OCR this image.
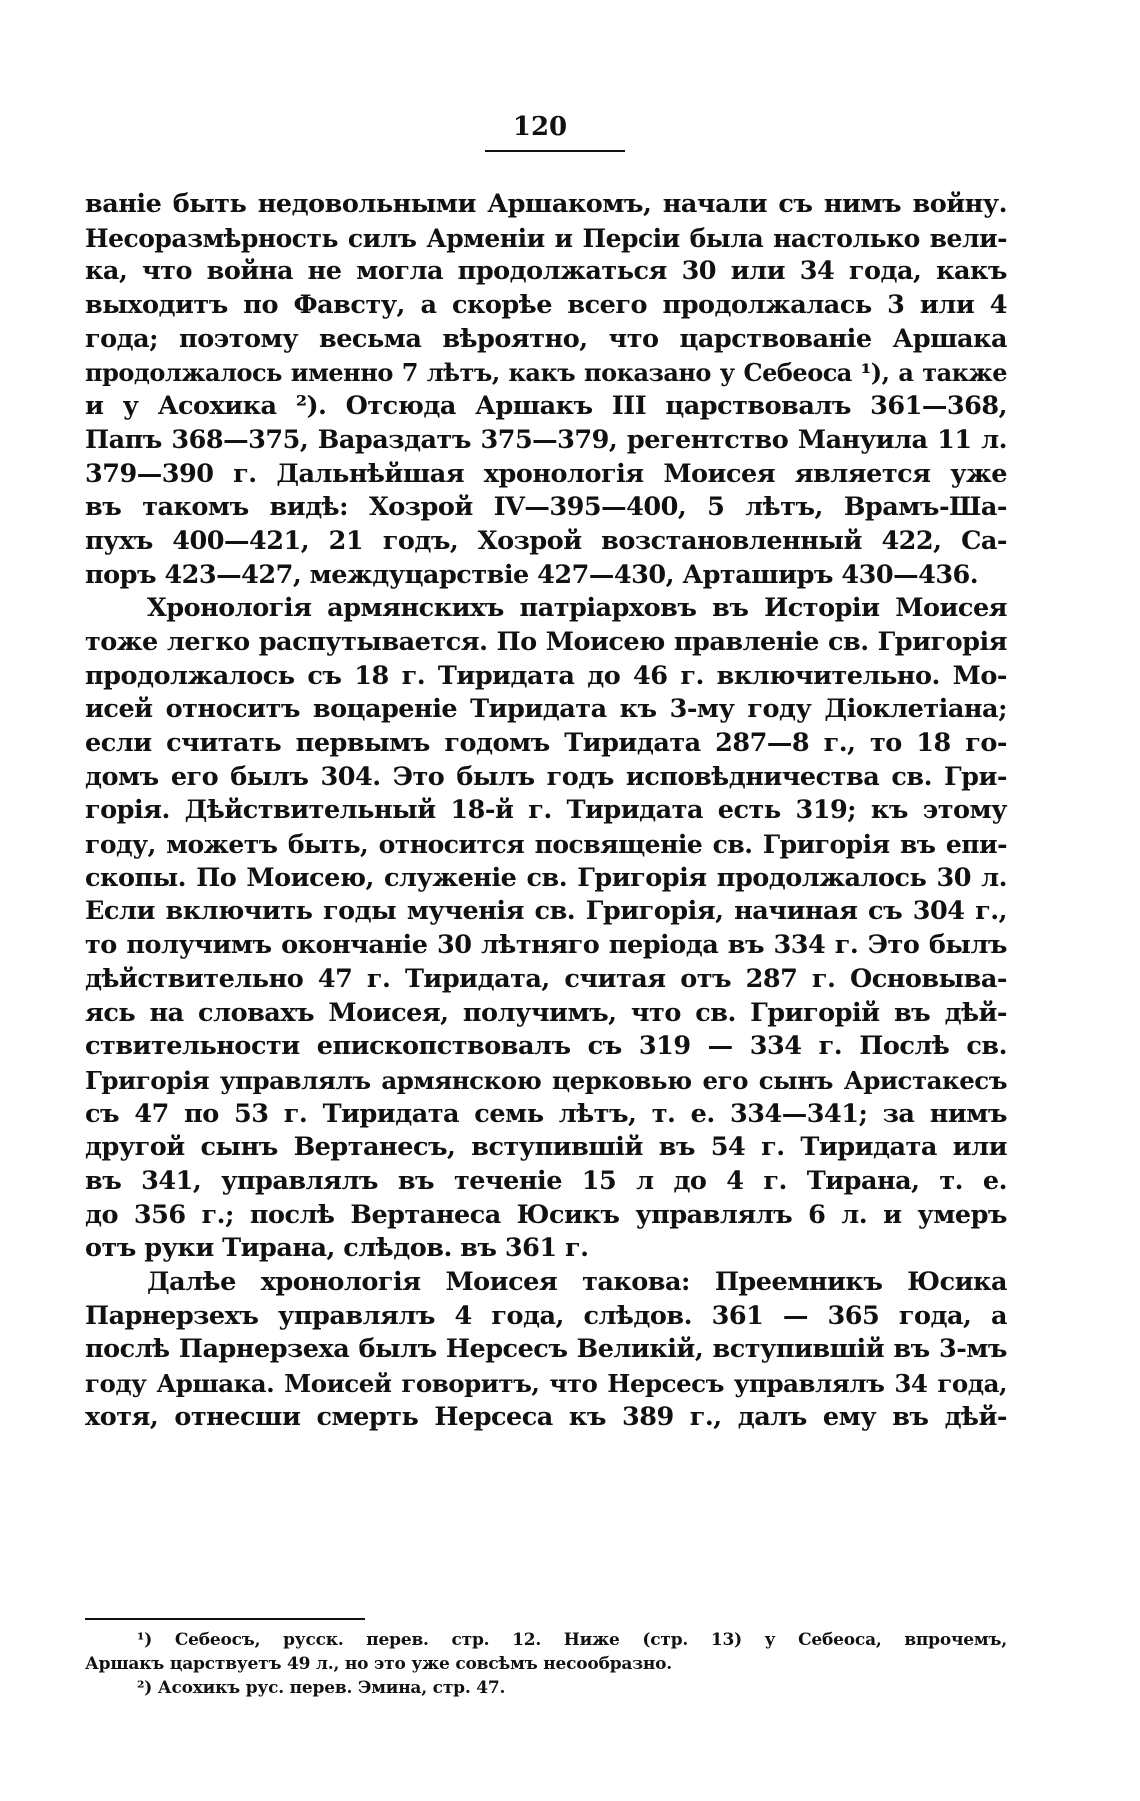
120
ваніе быть недовольными Аршакомъ, начали съ нимъ войну.
Несоразмѣрность силъ Арменіи и Персіи была настолько вели-
ка, что война не могла продолжаться 30 или 34 года, какъ
выходитъ по Фавсту, а скорѣе всего продолжалась 3 или 4
года; поэтому весьма вѣроятно, что царствованіе Аршака
продолжалось именно 7 лѣтъ, какъ показано у Себеоса ¹), а также
и у Асохика ²). Отсюда Аршакъ III царствовалъ 361—368,
Папъ 368—375, Вараздатъ 375—379, регентство Мануила 11 л.
379—390 г. Дальнѣйшая хронологія Моисея является уже
въ такомъ видѣ: Хозрой IV—395—400, 5 лѣтъ, Врамъ-Ша-
пухъ 400—421, 21 годъ, Хозрой возстановленный 422, Са-
поръ 423—427, междуцарствіе 427—430, Арташиръ 430—436.
Хронологія армянскихъ патріарховъ въ Исторіи Моисея
тоже легко распутывается. По Моисею правленіе св. Григорія
продолжалось съ 18 г. Тиридата до 46 г. включительно. Мо-
исей относитъ воцареніе Тиридата къ 3-му году Діоклетіана;
если считать первымъ годомъ Тиридата 287—8 г., то 18 го-
домъ его былъ 304. Это былъ годъ исповѣдничества св. Гри-
горія. Дѣйствительный 18-й г. Тиридата есть 319; къ этому
году, можетъ быть, относится посвященіе св. Григорія въ епи-
скопы. По Моисею, служеніе св. Григорія продолжалось 30 л.
Если включить годы мученія св. Григорія, начиная съ 304 г.,
то получимъ окончаніе 30 лѣтняго періода въ 334 г. Это былъ
дѣйствительно 47 г. Тиридата, считая отъ 287 г. Основыва-
ясь на словахъ Моисея, получимъ, что св. Григорій въ дѣй-
ствительности епископствовалъ съ 319 — 334 г. Послѣ св.
Григорія управлялъ армянскою церковью его сынъ Аристакесъ
съ 47 по 53 г. Тиридата семь лѣтъ, т. е. 334—341; за нимъ
другой сынъ Вертанесъ, вступившій въ 54 г. Тиридата или
въ 341, управлялъ въ теченіе 15 л до 4 г. Тирана, т. е.
до 356 г.; послѣ Вертанеса Юсикъ управлялъ 6 л. и умеръ
отъ руки Тирана, слѣдов. въ 361 г.
Далѣе хронологія Моисея такова: Преемникъ Юсика
Парнерзехъ управлялъ 4 года, слѣдов. 361 — 365 года, а
послѣ Парнерзеха былъ Нерсесъ Великій, вступившій въ 3-мъ
году Аршака. Моисей говоритъ, что Нерсесъ управлялъ 34 года,
хотя, отнесши смерть Нерсеса къ 389 г., далъ ему въ дѣй-
¹) Себеосъ, русск. перев. стр. 12. Ниже (стр. 13) у Себеоса, впрочемъ,
Аршакъ царствуетъ 49 л., но это уже совсѣмъ несообразно.
²) Асохикъ рус. перев. Эмина, стр. 47.
